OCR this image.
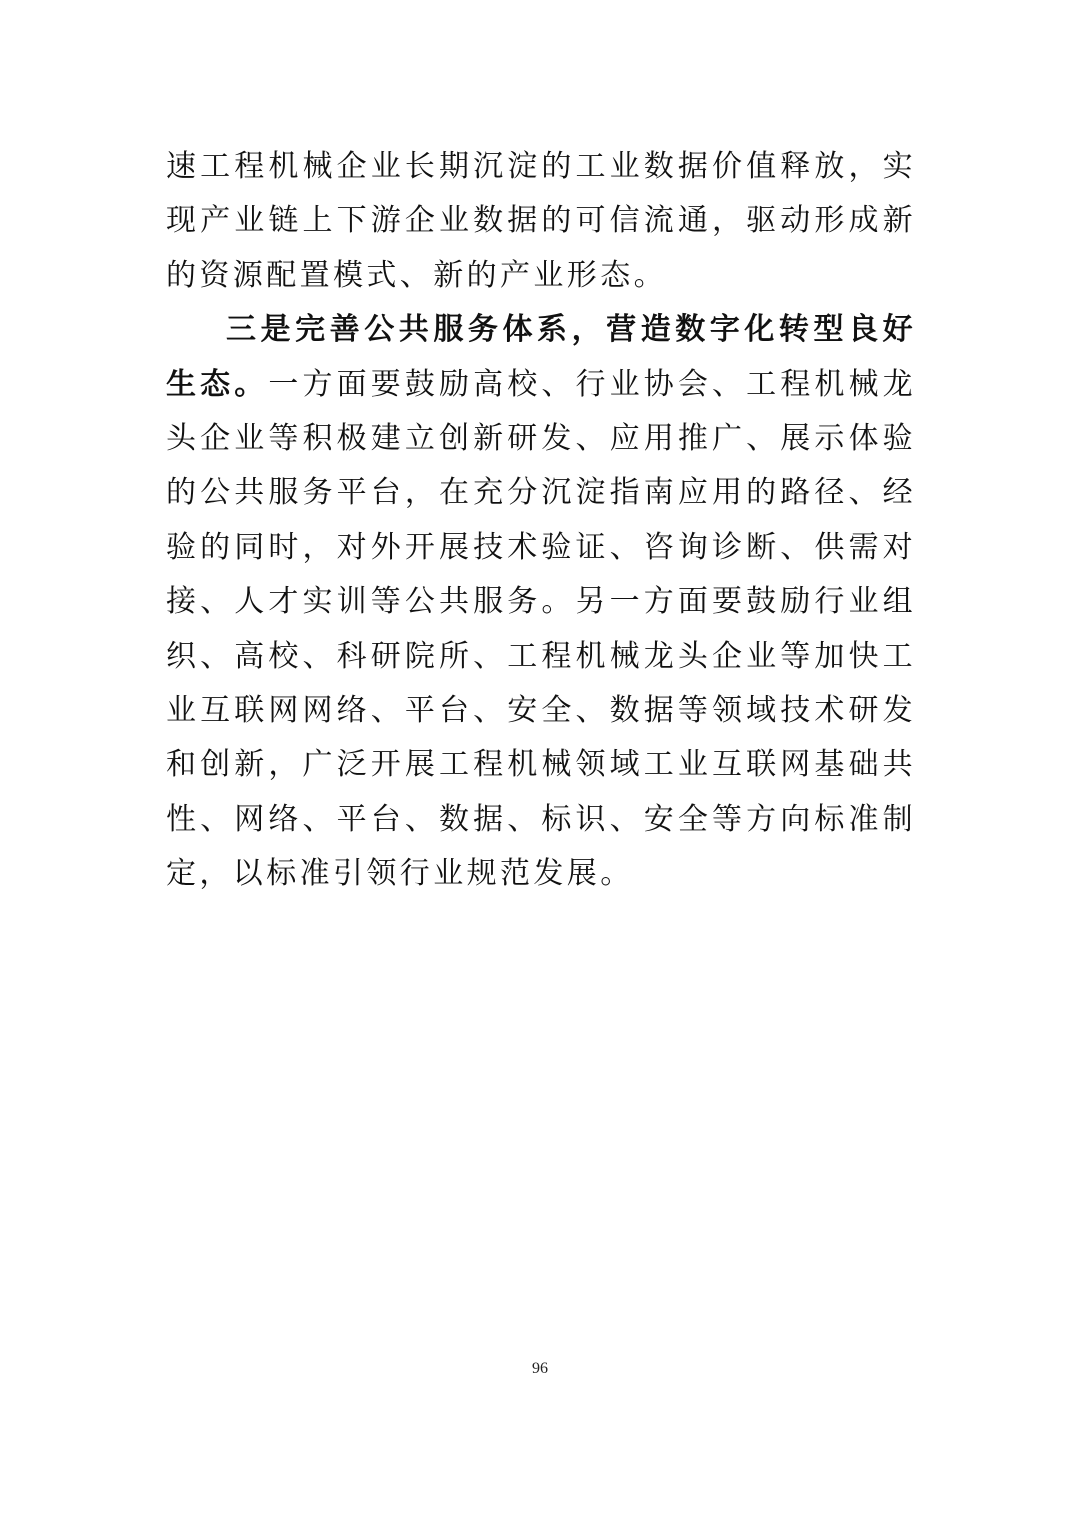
速工程机械企业长期沉淀的工业数据价值释放，实现产业链上下游企业数据的可信流通，驱动形成新的资源配置模式、新的产业形态。

三是完善公共服务体系，营造数字化转型良好生态。一方面要鼓励高校、行业协会、工程机械龙头企业等积极建立创新研发、应用推广、展示体验的公共服务平台，在充分沉淀指南应用的路径、经验的同时，对外开展技术验证、咨询诊断、供需对接、人才实训等公共服务。另一方面要鼓励行业组织、高校、科研院所、工程机械龙头企业等加快工业互联网网络、平台、安全、数据等领域技术研发和创新，广泛开展工程机械领域工业互联网基础共性、网络、平台、数据、标识、安全等方向标准制定，以标准引领行业规范发展。

96
